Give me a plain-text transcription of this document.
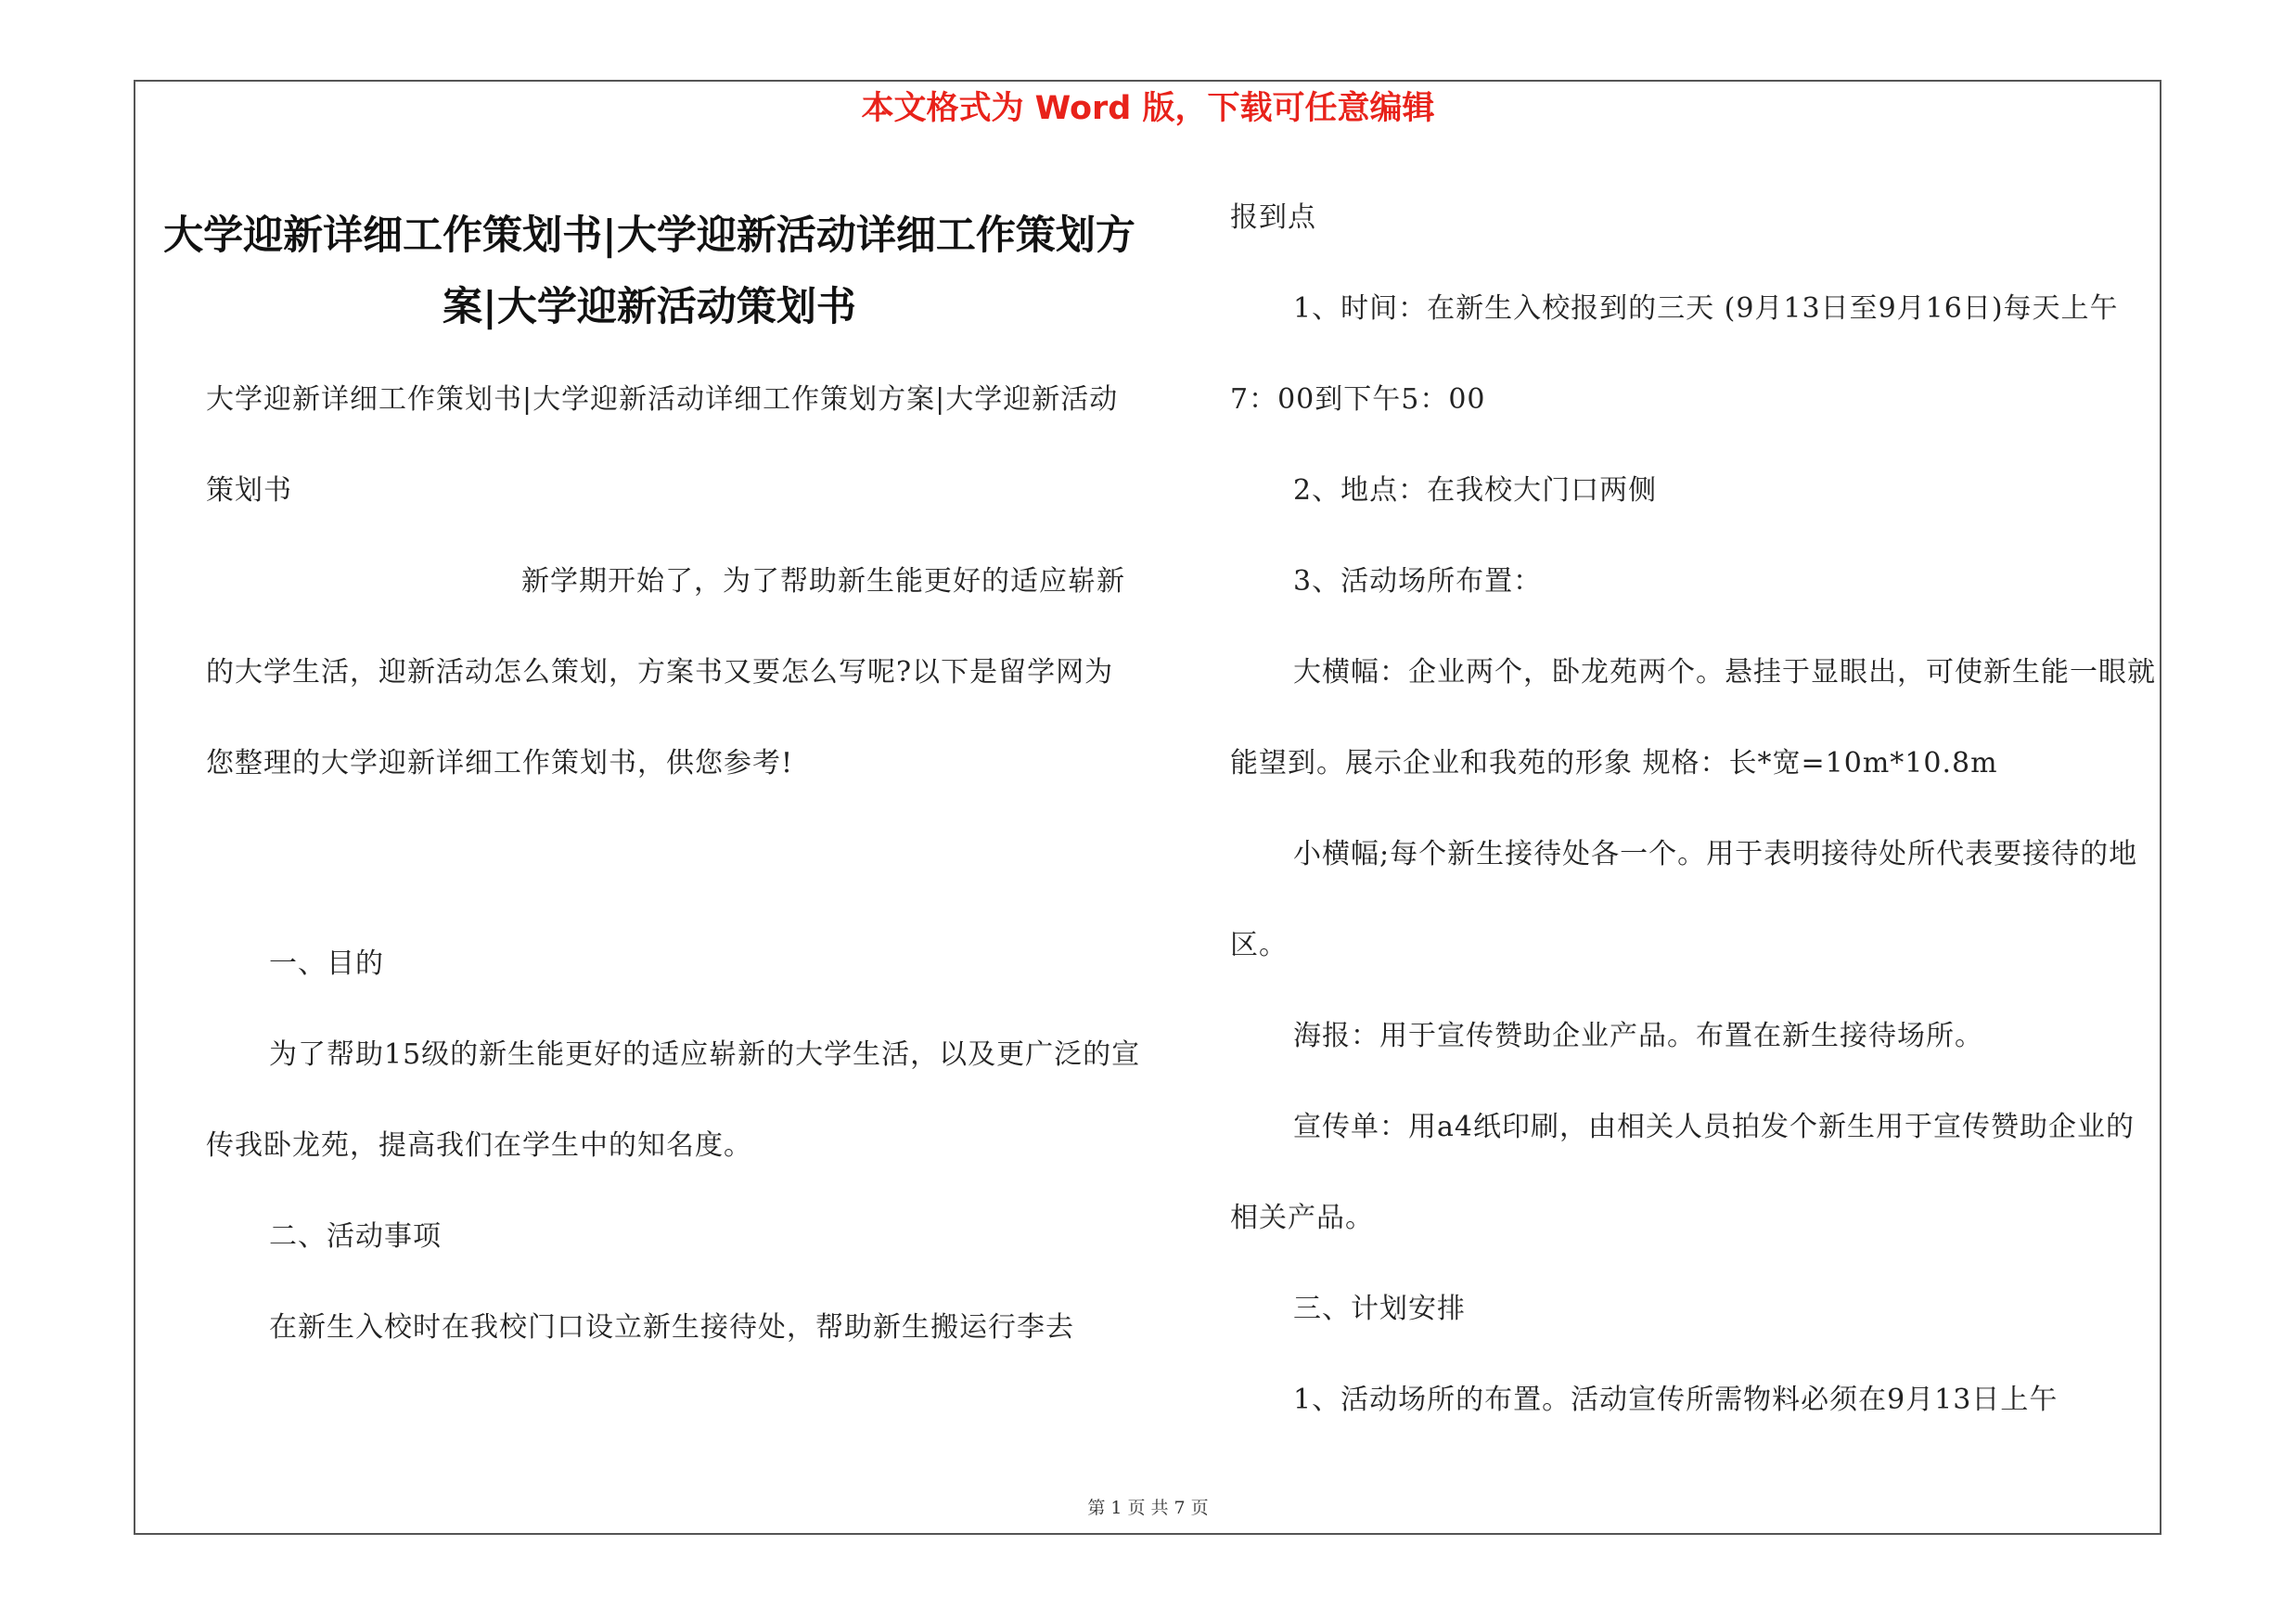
本文格式为 Word 版，下载可任意编辑
大学迎新详细工作策划书|大学迎新活动详细工作策划方案|大学迎新活动策划书

大学迎新详细工作策划书|大学迎新活动详细工作策划方案|大学迎新活动策划书

新学期开始了，为了帮助新生能更好的适应崭新的大学生活，迎新活动怎么策划，方案书又要怎么写呢?以下是留学网为您整理的大学迎新详细工作策划书，供您参考!

一、目的

为了帮助15级的新生能更好的适应崭新的大学生活，以及更广泛的宣传我卧龙苑，提高我们在学生中的知名度。

二、活动事项

在新生入校时在我校门口设立新生接待处，帮助新生搬运行李去

报到点

1、时间：在新生入校报到的三天 (9月13日至9月16日)每天上午7：00到下午5：00

2、地点：在我校大门口两侧

3、活动场所布置：

大横幅：企业两个，卧龙苑两个。悬挂于显眼出，可使新生能一眼就能望到。展示企业和我苑的形象 规格：长*宽=10m*10.8m

小横幅;每个新生接待处各一个。用于表明接待处所代表要接待的地区。

海报：用于宣传赞助企业产品。布置在新生接待场所。

宣传单：用a4纸印刷，由相关人员拍发个新生用于宣传赞助企业的相关产品。

三、计划安排

1、活动场所的布置。活动宣传所需物料必须在9月13日上午

第 1 页 共 7 页
